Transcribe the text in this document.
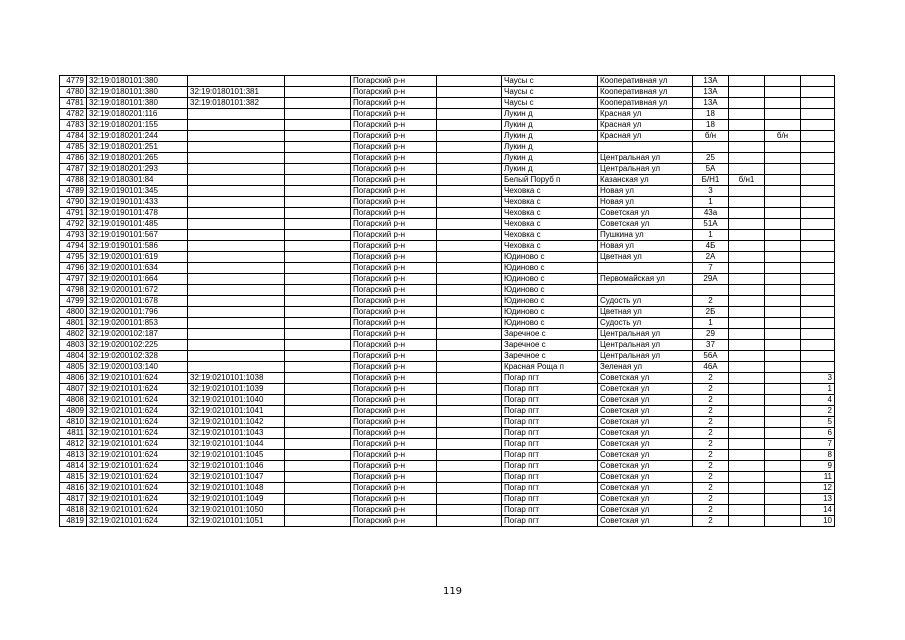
4779	32:19:0180101:380			Погарский р-н		Чаусы с	Кооперативная ул	13А			
4780	32:19:0180101:380	32:19:0180101:381		Погарский р-н		Чаусы с	Кооперативная ул	13А			
4781	32:19:0180101:380	32:19:0180101:382		Погарский р-н		Чаусы с	Кооперативная ул	13А			
4782	32:19:0180201:116			Погарский р-н		Лукин д	Красная ул	18			
4783	32:19:0180201:155			Погарский р-н		Лукин д	Красная ул	18			
4784	32:19:0180201:244			Погарский р-н		Лукин д	Красная ул	б/н		б/н	
4785	32:19:0180201:251			Погарский р-н		Лукин д					
4786	32:19:0180201:265			Погарский р-н		Лукин д	Центральная ул	25			
4787	32:19:0180201:293			Погарский р-н		Лукин д	Центральная ул	5А			
4788	32:19:0180301:84			Погарский р-н		Белый Поруб п	Казанская ул	Б/Н1	б/н1		
4789	32:19:0190101:345			Погарский р-н		Чеховка с	Новая ул	3			
4790	32:19:0190101:433			Погарский р-н		Чеховка с	Новая ул	1			
4791	32:19:0190101:478			Погарский р-н		Чеховка с	Советская ул	43а			
4792	32:19:0190101:485			Погарский р-н		Чеховка с	Советская ул	51А			
4793	32:19:0190101:567			Погарский р-н		Чеховка с	Пушкина ул	1			
4794	32:19:0190101:586			Погарский р-н		Чеховка с	Новая ул	4Б			
4795	32:19:0200101:619			Погарский р-н		Юдиново с	Цветная ул	2А			
4796	32:19:0200101:634			Погарский р-н		Юдиново с		7			
4797	32:19:0200101:664			Погарский р-н		Юдиново с	Первомайская ул	29А			
4798	32:19:0200101:672			Погарский р-н		Юдиново с					
4799	32:19:0200101:678			Погарский р-н		Юдиново с	Судость ул	2			
4800	32:19:0200101:796			Погарский р-н		Юдиново с	Цветная ул	2Б			
4801	32:19:0200101:853			Погарский р-н		Юдиново с	Судость ул	1			
4802	32:19:0200102:187			Погарский р-н		Заречное с	Центральная ул	29			
4803	32:19:0200102:225			Погарский р-н		Заречное с	Центральная ул	37			
4804	32:19:0200102:328			Погарский р-н		Заречное с	Центральная ул	56А			
4805	32:19:0200103:140			Погарский р-н		Красная Роща п	Зеленая ул	46А			
4806	32:19:0210101:624	32:19:0210101:1038		Погарский р-н		Погар пгт	Советская ул	2			3
4807	32:19:0210101:624	32:19:0210101:1039		Погарский р-н		Погар пгт	Советская ул	2			1
4808	32:19:0210101:624	32:19:0210101:1040		Погарский р-н		Погар пгт	Советская ул	2			4
4809	32:19:0210101:624	32:19:0210101:1041		Погарский р-н		Погар пгт	Советская ул	2			2
4810	32:19:0210101:624	32:19:0210101:1042		Погарский р-н		Погар пгт	Советская ул	2			5
4811	32:19:0210101:624	32:19:0210101:1043		Погарский р-н		Погар пгт	Советская ул	2			6
4812	32:19:0210101:624	32:19:0210101:1044		Погарский р-н		Погар пгт	Советская ул	2			7
4813	32:19:0210101:624	32:19:0210101:1045		Погарский р-н		Погар пгт	Советская ул	2			8
4814	32:19:0210101:624	32:19:0210101:1046		Погарский р-н		Погар пгт	Советская ул	2			9
4815	32:19:0210101:624	32:19:0210101:1047		Погарский р-н		Погар пгт	Советская ул	2			11
4816	32:19:0210101:624	32:19:0210101:1048		Погарский р-н		Погар пгт	Советская ул	2			12
4817	32:19:0210101:624	32:19:0210101:1049		Погарский р-н		Погар пгт	Советская ул	2			13
4818	32:19:0210101:624	32:19:0210101:1050		Погарский р-н		Погар пгт	Советская ул	2			14
4819	32:19:0210101:624	32:19:0210101:1051		Погарский р-н		Погар пгт	Советская ул	2			10
119
